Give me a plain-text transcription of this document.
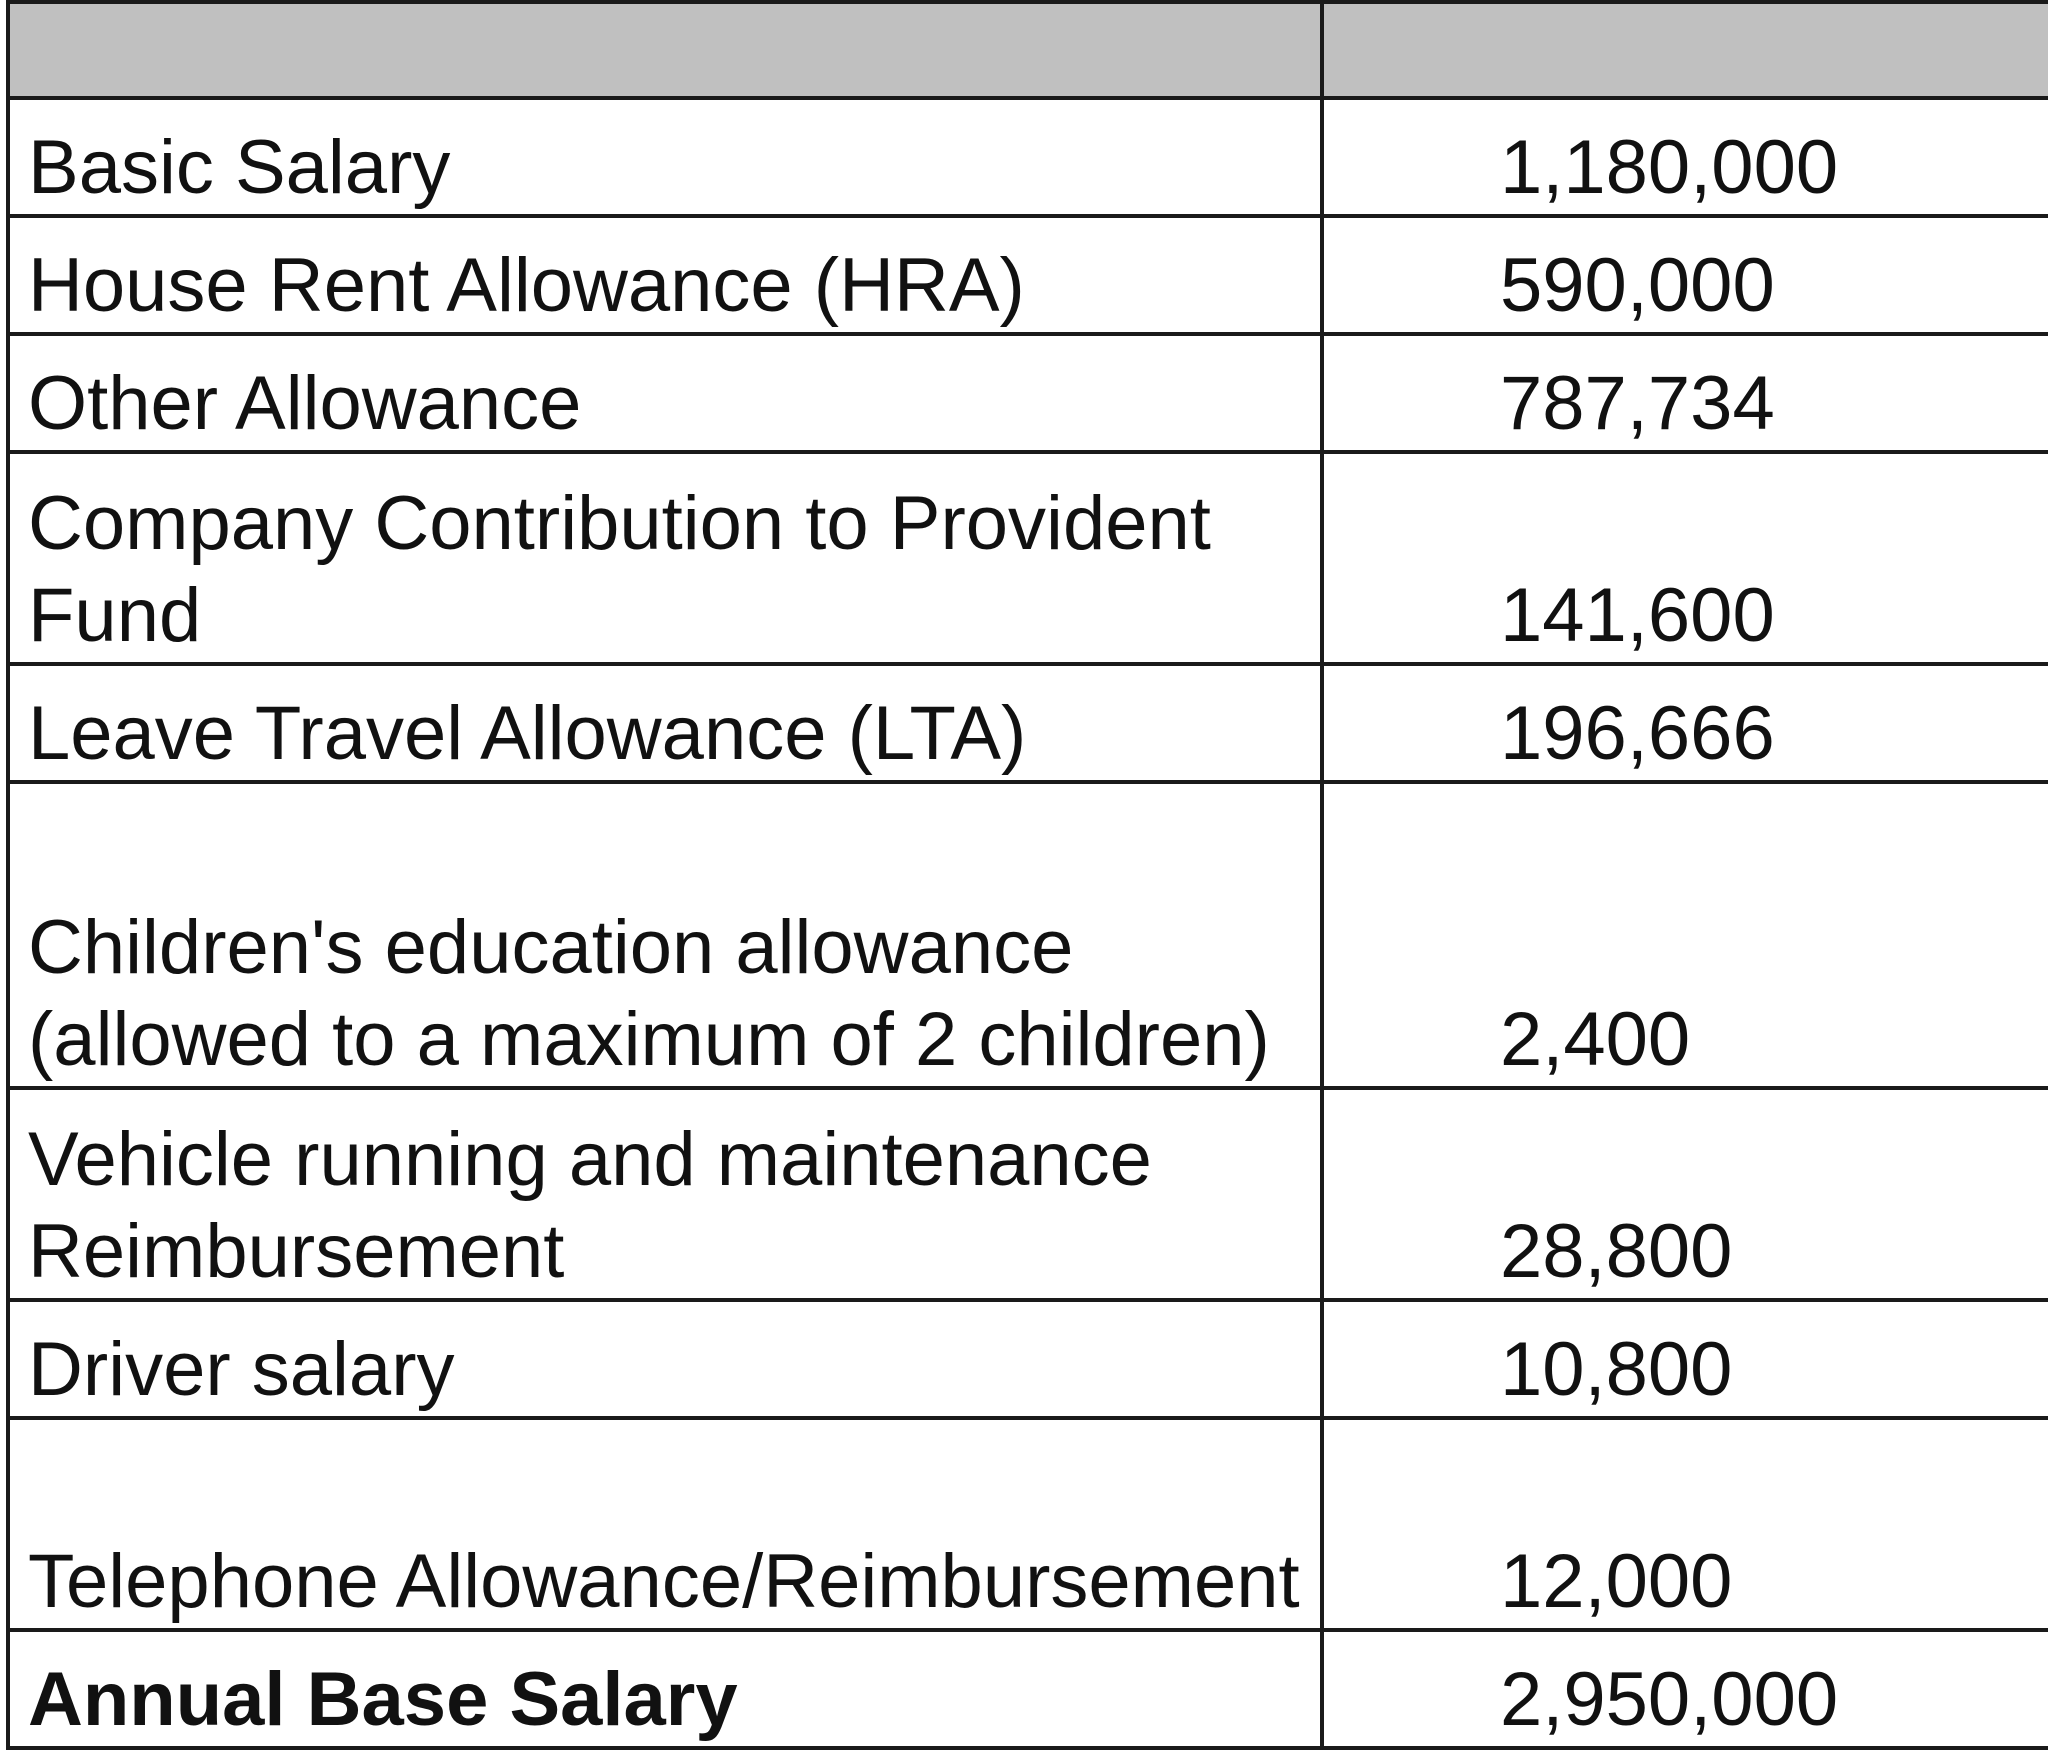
Basic Salary	1,180,000
House Rent Allowance (HRA)	590,000
Other Allowance	787,734
Company Contribution to Provident Fund	141,600
Leave Travel Allowance (LTA)	196,666
Children's education allowance (allowed to a maximum of 2 children)	2,400
Vehicle running and maintenance Reimbursement	28,800
Driver salary	10,800
Telephone Allowance/Reimbursement	12,000
Annual Base Salary	2,950,000
